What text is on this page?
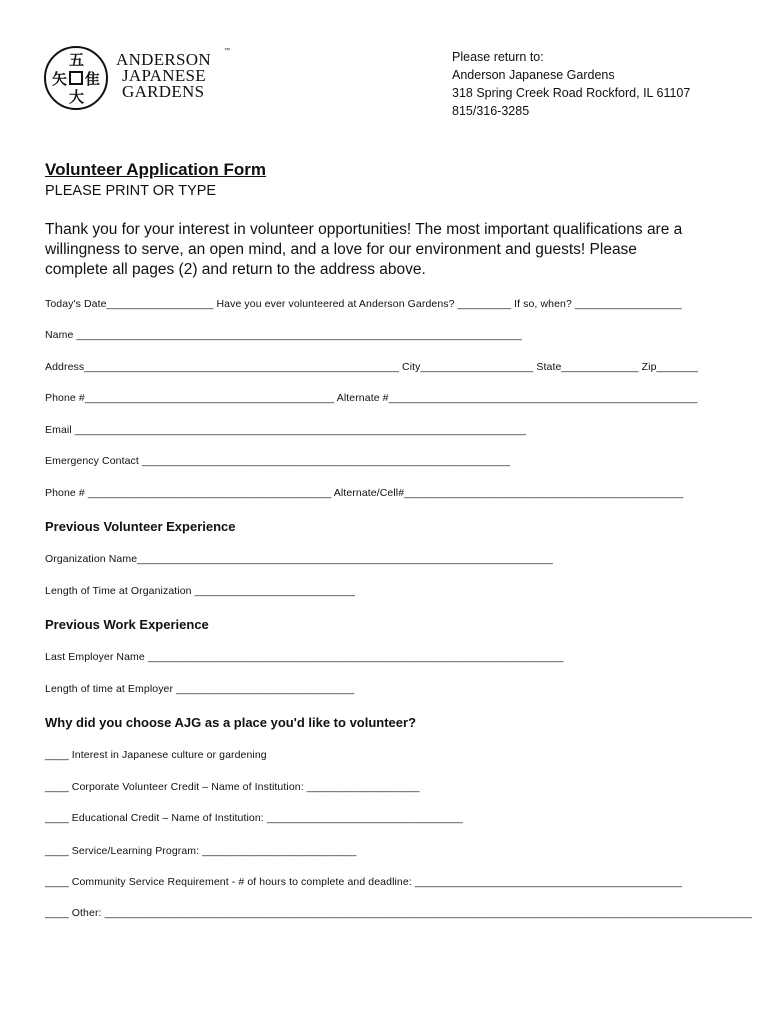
五
矢 隹
大
ANDERSON
JAPANESE
GARDENS
™	Please return to:
Anderson Japanese Gardens
318 Spring Creek Road Rockford, IL 61107
815/316-3285
Volunteer Application Form
PLEASE PRINT OR TYPE
Thank you for your interest in volunteer opportunities! The most important qualifications are a
willingness to serve, an open mind, and a love for our environment and guests! Please
complete all pages (2) and return to the address above.
Today's Date__________________ Have you ever volunteered at Anderson Gardens? _________ If so, when? __________________
Name ___________________________________________________________________________
Address_____________________________________________________ City___________________ State_____________ Zip_______
Phone #__________________________________________ Alternate #____________________________________________________
Email ____________________________________________________________________________
Emergency Contact ______________________________________________________________
Phone # _________________________________________ Alternate/Cell#_______________________________________________
Previous Volunteer Experience
Organization Name______________________________________________________________________
Length of Time at Organization ___________________________
Previous Work Experience
Last Employer Name ______________________________________________________________________
Length of time at Employer ______________________________
Why did you choose AJG as a place you'd like to volunteer?
____ Interest in Japanese culture or gardening
____ Corporate Volunteer Credit – Name of Institution: ___________________
____ Educational Credit – Name of Institution: _________________________________
____ Service/Learning Program: __________________________
____ Community Service Requirement - # of hours to complete and deadline: _____________________________________________
____ Other: _____________________________________________________________________________________________________________
